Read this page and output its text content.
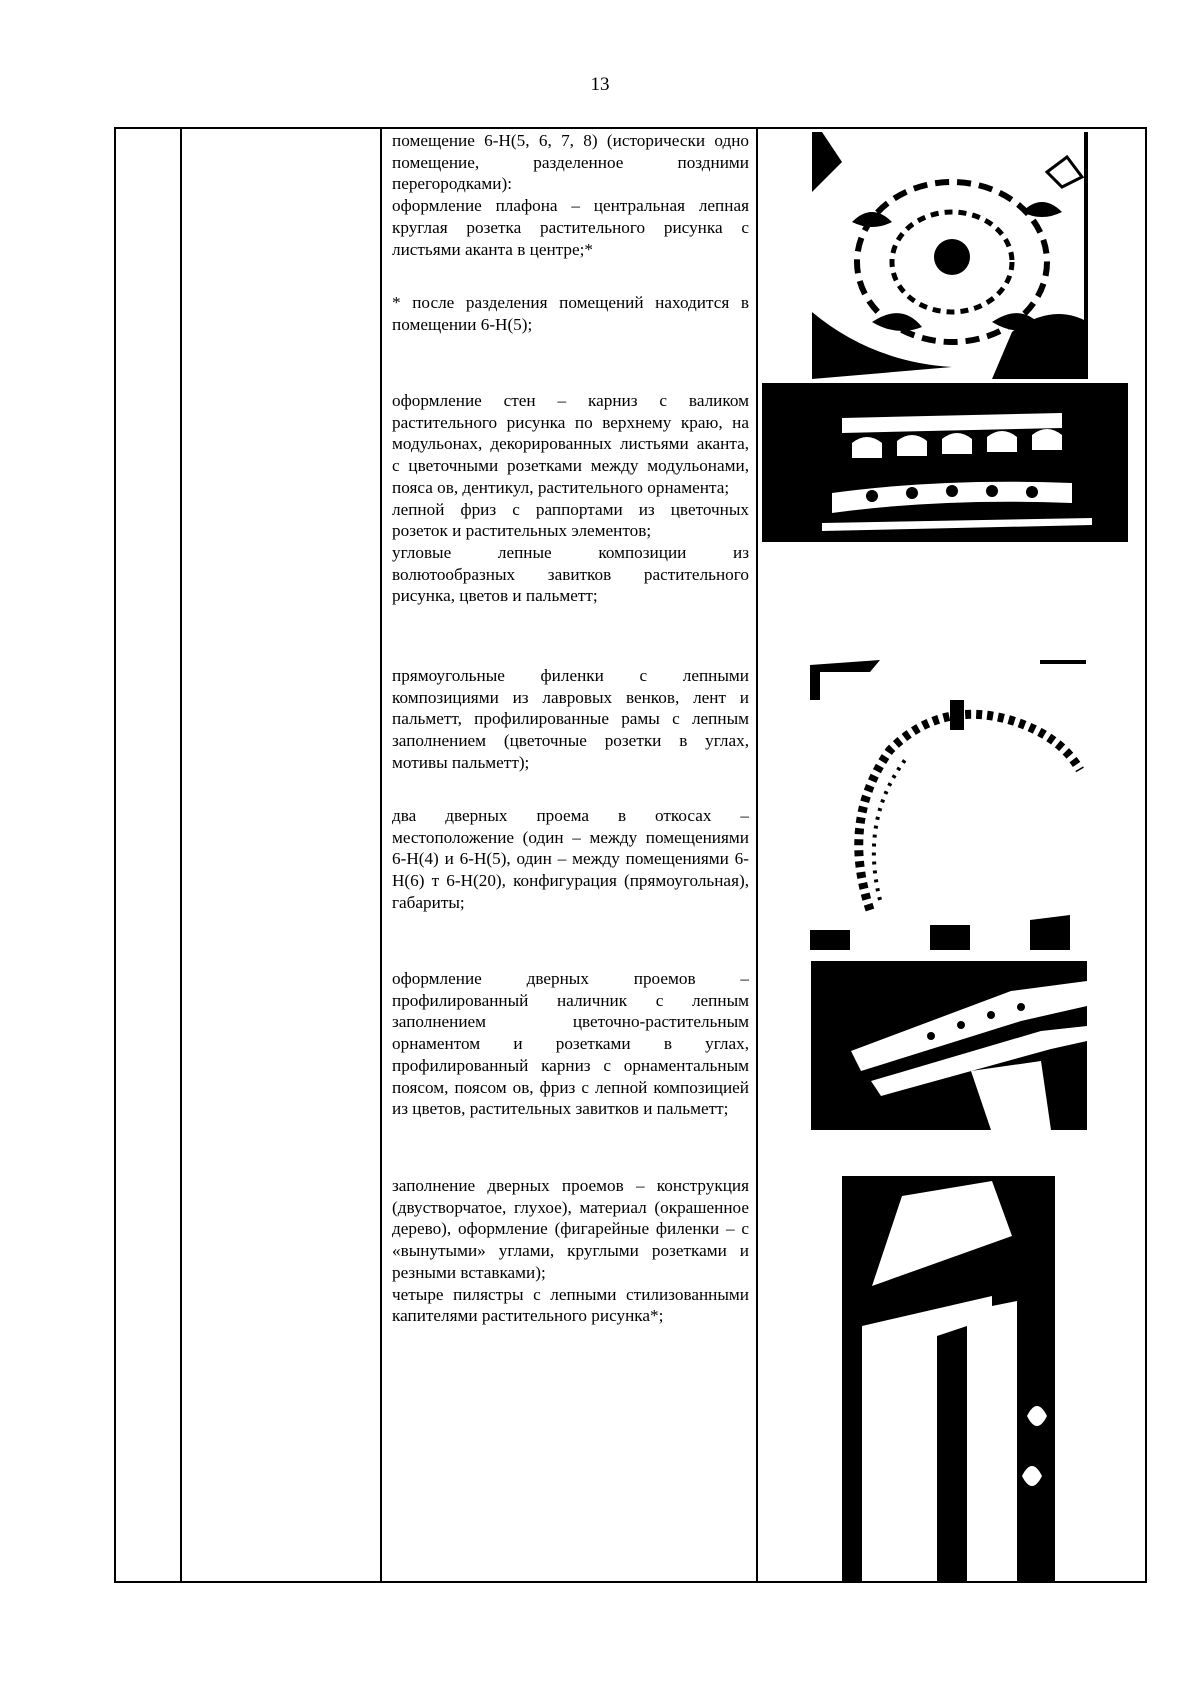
13

помещение 6-Н(5, 6, 7, 8) (исторически одно помещение, разделенное поздними перегородками):

оформление плафона – центральная лепная круглая розетка растительного рисунка с листьями аканта в центре;*

* после разделения помещений находится в помещении 6-Н(5);

оформление стен – карниз с валиком растительного рисунка по верхнему краю, на модульонах, декорированных листьями аканта, с цветочными розетками между модульонами, пояса ов, дентикул, растительного орнамента;

лепной фриз с раппортами из цветочных розеток и растительных элементов;

угловые лепные композиции из волютообразных завитков растительного рисунка, цветов и пальметт;

прямоугольные филенки с лепными композициями из лавровых венков, лент и пальметт, профилированные рамы с лепным заполнением (цветочные розетки в углах, мотивы пальметт);

два дверных проема в откосах – местоположение (один – между помещениями 6-Н(4) и 6-Н(5), один – между помещениями 6-Н(6) т 6-Н(20), конфигурация (прямоугольная), габариты;

оформление дверных проемов – профилированный наличник с лепным заполнением цветочно-растительным орнаментом и розетками в углах, профилированный карниз с орнаментальным поясом, поясом ов, фриз с лепной композицией из цветов, растительных завитков и пальметт;

заполнение дверных проемов – конструкция (двустворчатое, глухое), материал (окрашенное дерево), оформление (фигарейные филенки – с «вынутыми» углами, круглыми розетками и резными вставками);

четыре пилястры с лепными стилизованными капителями растительного рисунка*;
